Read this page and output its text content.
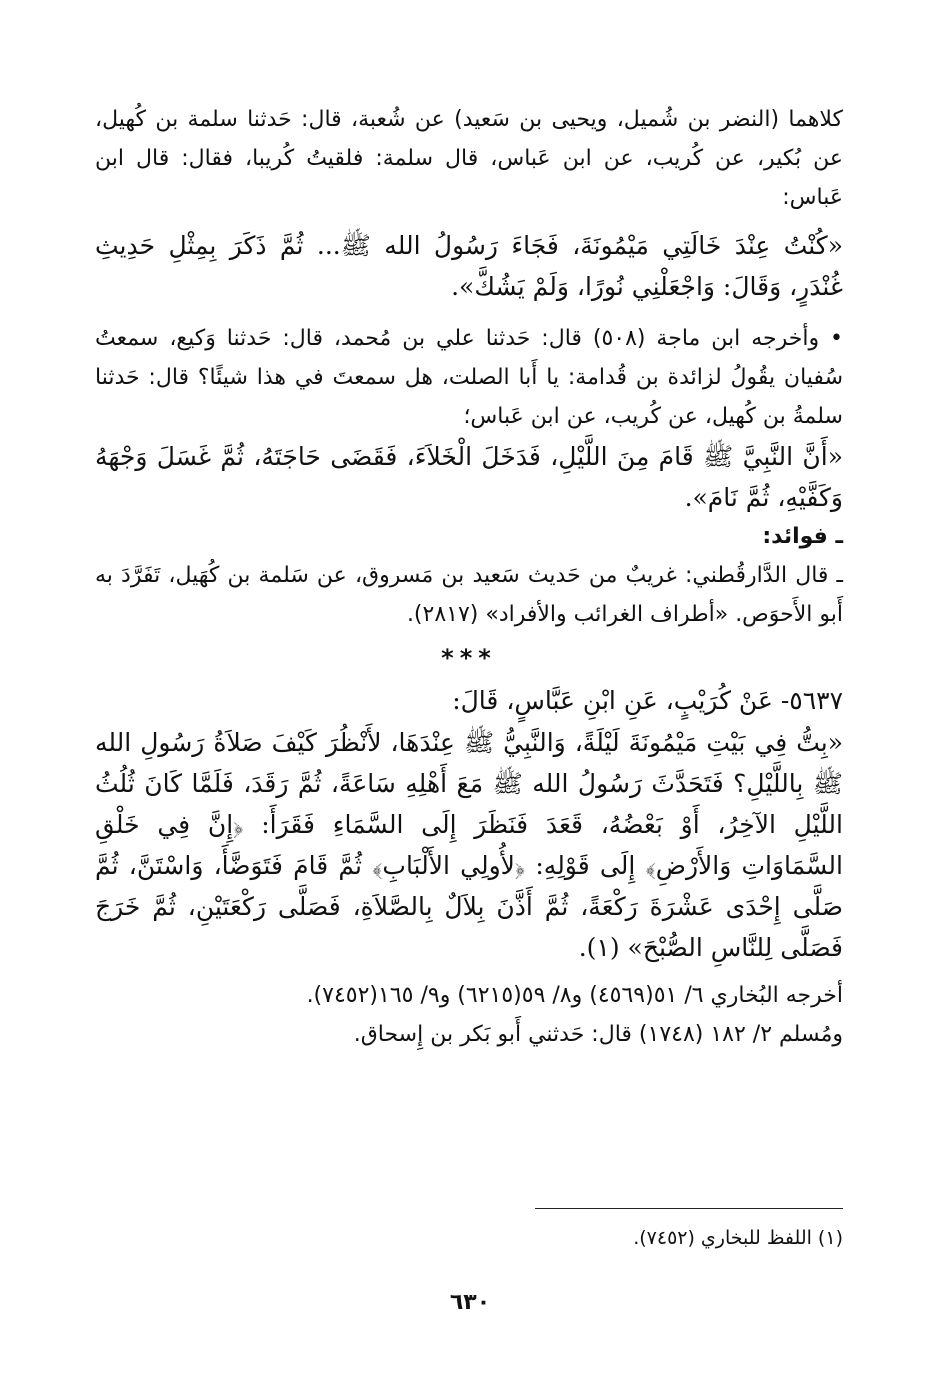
كلاهما (النضر بن شُميل، ويحيى بن سَعيد) عن شُعبة، قال: حَدثنا سلمة بن كُهيل، عن بُكير، عن كُريب، عن ابن عَباس، قال سلمة: فلقيتُ كُريبا، فقال: قال ابن عَباس:

«كُنْتُ عِنْدَ خَالَتِي مَيْمُونَةَ، فَجَاءَ رَسُولُ الله ﷺ... ثُمَّ ذَكَرَ بِمِثْلِ حَدِيثِ غُنْدَرٍ، وَقَالَ: وَاجْعَلْنِي نُورًا، وَلَمْ يَشُكَّ».

• وأخرجه ابن ماجة (٥٠٨) قال: حَدثنا علي بن مُحمد، قال: حَدثنا وَكيع، سمعتُ سُفيان يقُولُ لزائدة بن قُدامة: يا أَبا الصلت، هل سمعتَ في هذا شيئًا؟ قال: حَدثنا سلمةُ بن كُهيل، عن كُريب، عن ابن عَباس؛

«أَنَّ النَّبِيَّ ﷺ قَامَ مِنَ اللَّيْلِ، فَدَخَلَ الْخَلاَءَ، فَقَضَى حَاجَتَهُ، ثُمَّ غَسَلَ وَجْهَهُ وَكَفَّيْهِ، ثُمَّ نَامَ».

ـ فوائد:

ـ قال الدَّارقُطني: غريبٌ من حَديث سَعيد بن مَسروق، عن سَلمة بن كُهَيل، تَفَرَّدَ به أَبو الأَحوَص. «أطراف الغرائب والأفراد» (٢٨١٧).

***

٥٦٣٧- عَنْ كُرَيْبٍ، عَنِ ابْنِ عَبَّاسٍ، قَالَ:

«بِتُّ فِي بَيْتِ مَيْمُونَةَ لَيْلَةً، وَالنَّبِيُّ ﷺ عِنْدَهَا، لأَنْظُرَ كَيْفَ صَلاَةُ رَسُولِ الله ﷺ بِاللَّيْلِ؟ فَتَحَدَّثَ رَسُولُ الله ﷺ مَعَ أَهْلِهِ سَاعَةً، ثُمَّ رَقَدَ، فَلَمَّا كَانَ ثُلُثُ اللَّيْلِ الآخِرُ، أَوْ بَعْضُهُ، قَعَدَ فَنَظَرَ إِلَى السَّمَاءِ فَقَرَأَ: ﴿إِنَّ فِي خَلْقِ السَّمَاوَاتِ وَالأَرْضِ﴾ إِلَى قَوْلِهِ: ﴿لأُولِي الأَلْبَابِ﴾ ثُمَّ قَامَ فَتَوَضَّأَ، وَاسْتَنَّ، ثُمَّ صَلَّى إِحْدَى عَشْرَةَ رَكْعَةً، ثُمَّ أَذَّنَ بِلاَلٌ بِالصَّلاَةِ، فَصَلَّى رَكْعَتَيْنِ، ثُمَّ خَرَجَ فَصَلَّى لِلنَّاسِ الصُّبْحَ» (١).

أخرجه البُخاري ٦/ ٥١(٤٥٦٩) و٨/ ٥٩(٦٢١٥) و٩/ ١٦٥(٧٤٥٢).

ومُسلم ٢/ ١٨٢ (١٧٤٨) قال: حَدثني أَبو بَكر بن إِسحاق.

(١) اللفظ للبخاري (٧٤٥٢).
٦٣٠
